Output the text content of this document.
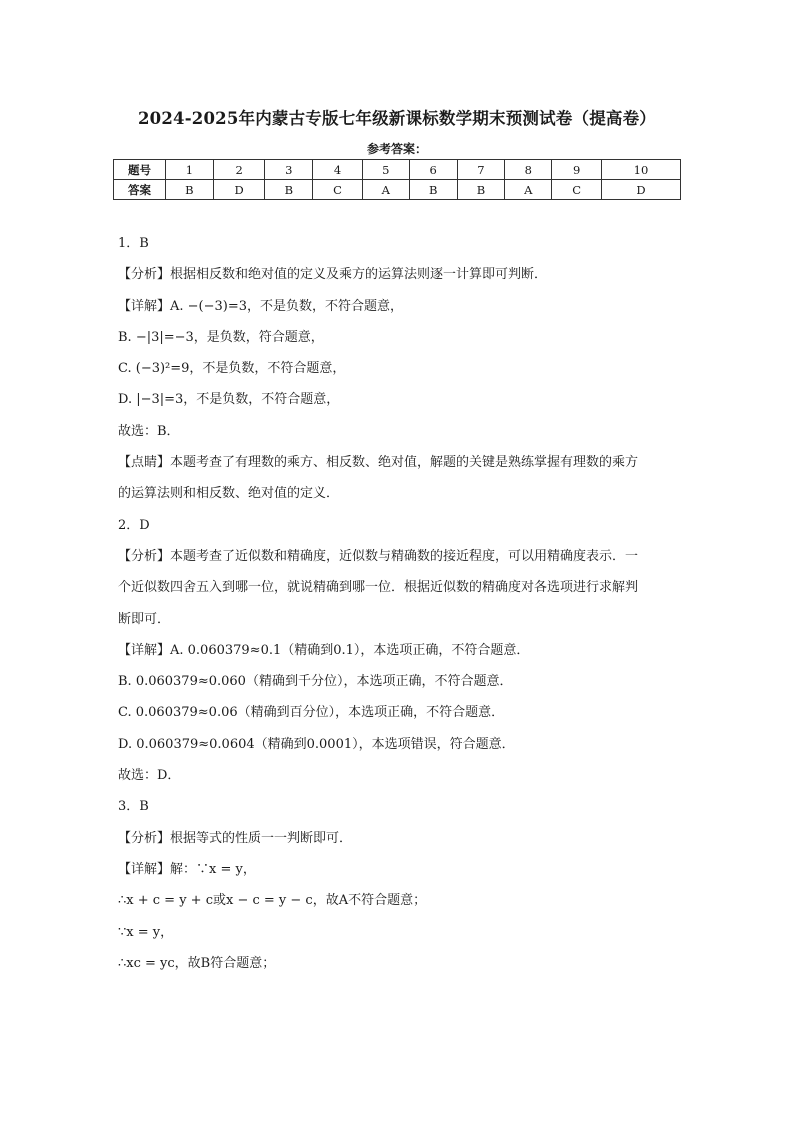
2024-2025年内蒙古专版七年级新课标数学期末预测试卷（提高卷）
参考答案：
题号	1	2	3	4	5	6	7	8	9	10
答案	B	D	B	C	A	B	B	A	C	D

1．B

【分析】根据相反数和绝对值的定义及乘方的运算法则逐一计算即可判断．

【详解】A. −(−3)=3，不是负数，不符合题意，

B. −|3|=−3，是负数，符合题意，

C. (−3)²=9，不是负数，不符合题意，

D. |−3|=3，不是负数，不符合题意，

故选：B．

【点睛】本题考查了有理数的乘方、相反数、绝对值，解题的关键是熟练掌握有理数的乘方

的运算法则和相反数、绝对值的定义．

2．D

【分析】本题考查了近似数和精确度，近似数与精确数的接近程度，可以用精确度表示．一

个近似数四舍五入到哪一位，就说精确到哪一位．根据近似数的精确度对各选项进行求解判

断即可．

【详解】A. 0.060379≈0.1（精确到0.1），本选项正确，不符合题意．

B. 0.060379≈0.060（精确到千分位），本选项正确，不符合题意．

C. 0.060379≈0.06（精确到百分位），本选项正确，不符合题意．

D. 0.060379≈0.0604（精确到0.0001），本选项错误，符合题意．

故选：D．

3．B

【分析】根据等式的性质一一判断即可．

【详解】解：∵x = y，

∴x + c = y + c或x − c = y − c，故A不符合题意；

∵x = y，

∴xc = yc，故B符合题意；
